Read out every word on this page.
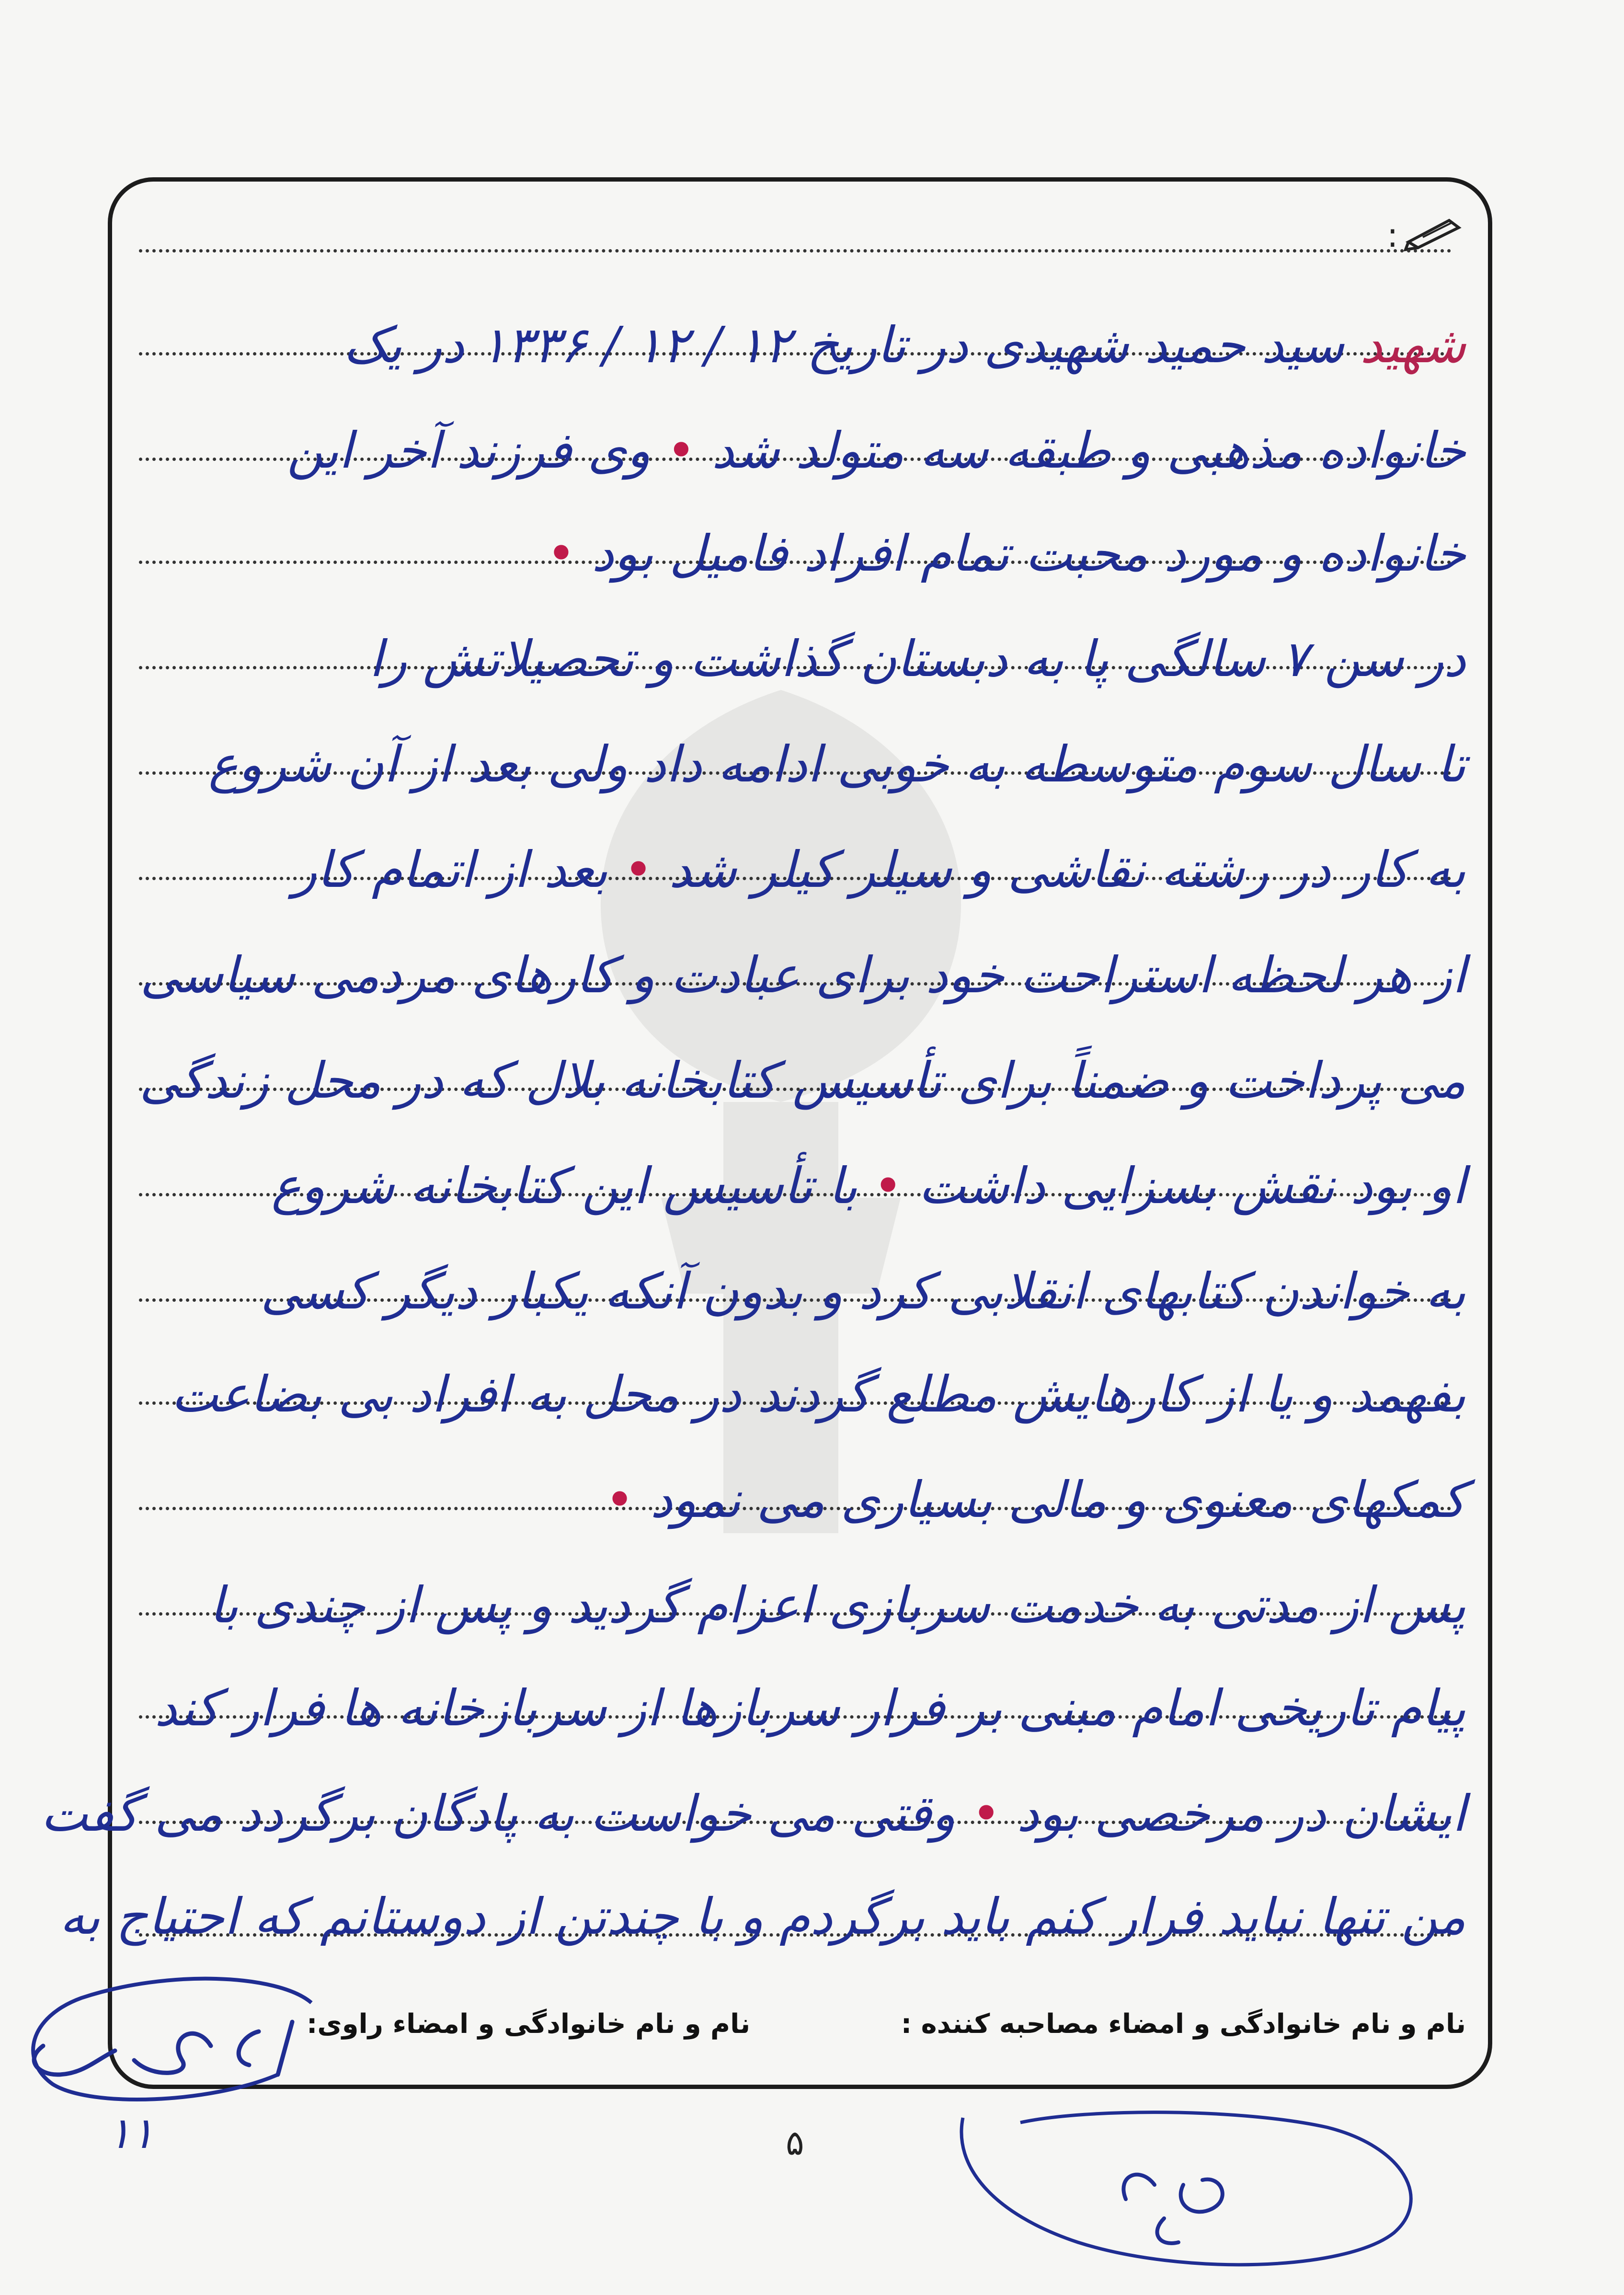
:
شهید سید حمید شهیدی در تاریخ ۱۲ / ۱۲ / ۱۳۳۶ در یک
خانواده مذهبی و طبقه سه متولد شد • وی فرزند آخر این
خانواده و مورد محبت تمام افراد فامیل بود •
در سن ۷ سالگی پا به دبستان گذاشت و تحصیلاتش را
تا سال سوم متوسطه به خوبی ادامه داد ولی بعد از آن شروع
به کار در رشته نقاشی و سیلر کیلر شد • بعد از اتمام کار
از هر لحظه استراحت خود برای عبادت و کارهای مردمی سیاسی
می پرداخت و ضمناً برای تأسیس کتابخانه بلال که در محل زندگی
او بود نقش بسزایی داشت • با تأسیس این کتابخانه شروع
به خواندن کتابهای انقلابی کرد و بدون آنکه یکبار دیگر کسی
بفهمد و یا از کارهایش مطلع گردند در محل به افراد بی بضاعت
کمکهای معنوی و مالی بسیاری می نمود •
پس از مدتی به خدمت سربازی اعزام گردید و پس از چندی با
پیام تاریخی امام مبنی بر فرار سربازها از سربازخانه ها فرار کند
ایشان در مرخصی بود • وقتی می خواست به پادگان برگردد می گفت
من تنها نباید فرار کنم باید برگردم و با چندتن از دوستانم که احتیاج به
نام و نام خانوادگی و امضاء مصاحبه کننده :
نام و نام خانوادگی و امضاء راوی:
۱۱	۵
